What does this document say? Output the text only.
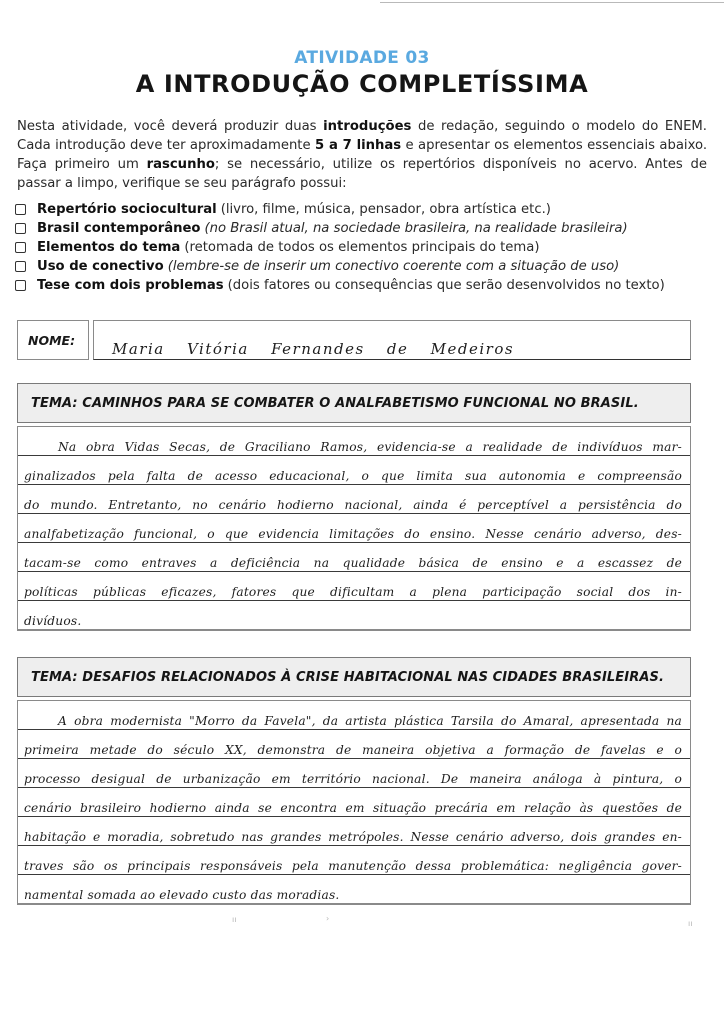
ATIVIDADE 03
A INTRODUÇÃO COMPLETÍSSIMA

Nesta atividade, você deverá produzir duas introduções de redação, seguindo o modelo do ENEM. Cada introdução deve ter aproximadamente 5 a 7 linhas e apresentar os elementos essenciais abaixo. Faça primeiro um rascunho; se necessário, utilize os repertórios disponíveis no acervo. Antes de passar a limpo, verifique se seu parágrafo possui:

Repertório sociocultural (livro, filme, música, pensador, obra artística etc.)
Brasil contemporâneo (no Brasil atual, na sociedade brasileira, na realidade brasileira)
Elementos do tema (retomada de todos os elementos principais do tema)
Uso de conectivo (lembre-se de inserir um conectivo coerente com a situação de uso)
Tese com dois problemas (dois fatores ou consequências que serão desenvolvidos no texto)
NOME:	Maria Vitória Fernandes de Medeiros
TEMA: CAMINHOS PARA SE COMBATER O ANALFABETISMO FUNCIONAL NO BRASIL.
Na obra Vidas Secas, de Graciliano Ramos, evidencia-se a realidade de indivíduos mar-
ginalizados pela falta de acesso educacional, o que limita sua autonomia e compreensão
do mundo. Entretanto, no cenário hodierno nacional, ainda é perceptível a persistência do
analfabetização funcional, o que evidencia limitações do ensino. Nesse cenário adverso, des-
tacam-se como entraves a deficiência na qualidade básica de ensino e a escassez de
políticas públicas eficazes, fatores que dificultam a plena participação social dos in-
divíduos.
TEMA: DESAFIOS RELACIONADOS À CRISE HABITACIONAL NAS CIDADES BRASILEIRAS.
A obra modernista "Morro da Favela", da artista plástica Tarsila do Amaral, apresentada na
primeira metade do século XX, demonstra de maneira objetiva a formação de favelas e o
processo desigual de urbanização em território nacional. De maneira análoga à pintura, o
cenário brasileiro hodierno ainda se encontra em situação precária em relação às questões de
habitação e moradia, sobretudo nas grandes metrópoles. Nesse cenário adverso, dois grandes en-
traves são os principais responsáveis pela manutenção dessa problemática: negligência gover-
namental somada ao elevado custo das moradias.
ıı	›
ıı
